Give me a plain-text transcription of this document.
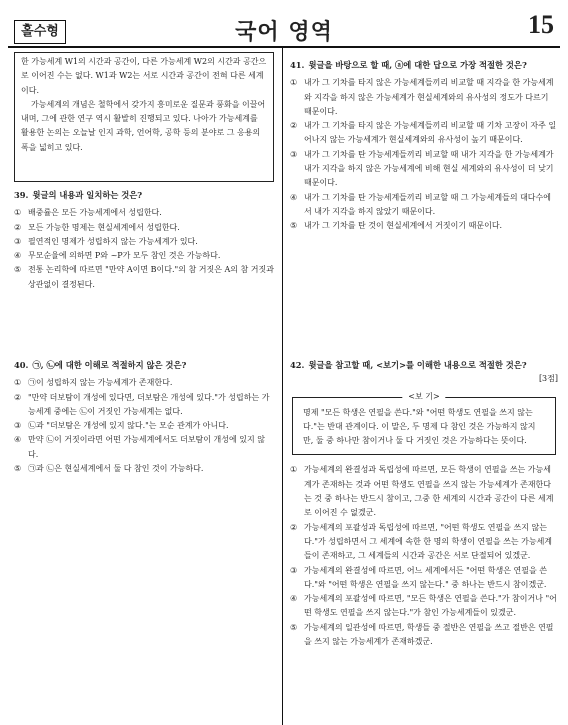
홀수형	국어 영역	15

한 가능세계 W1의 시간과 공간이, 다른 가능세계 W2의 시간과 공간으로 이어진 수는 없다. W1과 W2는 서로 시간과 공간이 전혀 다른 세계이다.

가능세계의 개념은 철학에서 갖가지 흥미로운 질문과 풍화을 이끌어 내며, 그에 관한 연구 역시 활발히 진행되고 있다. 나아가 가능세계를 활용한 논의는 오늘날 인지 과학, 언어학, 공학 등의 분야로 그 응용의 폭을 넓히고 있다.

39. 윗글의 내용과 일치하는 것은?

① 배중률은 모든 가능세계에서 성립한다.

② 모든 가능한 명제는 현실세계에서 성립한다.

③ 필연적인 명제가 성립하지 않는 가능세계가 있다.

④ 무모순율에 의하면 P와 ~P가 모두 참인 것은 가능하다.

⑤ 전통 논리학에 따르면 "만약 A이면 B이다."의 참 거짓은 A의 참 거짓과 상관없이 결정된다.

40. ㉠, ㉡에 대한 이해로 적절하지 않은 것은?

① ㉠이 성립하지 않는 가능세계가 존재한다.

② "만약 더보탐이 개성에 있다면, 더보탐은 개성에 있다."가 성립하는 가능세계 중에는 ㉡이 거짓인 가능세계는 없다.

③ ㉡과 "더보탐은 개성에 있지 않다."는 모순 관계가 아니다.

④ 만약 ㉡이 거짓이라면 어떤 가능세계에서도 더보탐이 개성에 있지 않다.

⑤ ㉠과 ㉡은 현실세계에서 둘 다 참인 것이 가능하다.

41. 윗글을 바탕으로 할 때, ⓐ에 대한 답으로 가장 적절한 것은?

① 내가 그 기차를 타지 않은 가능세계들끼리 비교할 때 지각을 한 가능세계와 지각을 하지 않은 가능세계가 현실세계와의 유사성의 정도가 다르기 때문이다.

② 내가 그 기차를 타지 않은 가능세계들끼리 비교할 때 기차 고장이 자주 일어나지 않는 가능세계가 현실세계와의 유사성이 높기 때문이다.

③ 내가 그 기차를 탄 가능세계들끼리 비교할 때 내가 지각을 한 가능세계가 내가 지각을 하지 않은 가능세계에 비해 현실 세계와의 유사성이 더 낮기 때문이다.

④ 내가 그 기차를 탄 가능세계들끼리 비교할 때 그 가능세계들의 대다수에서 내가 지각을 하지 않았기 때문이다.

⑤ 내가 그 기차를 탄 것이 현실세계에서 거짓이기 때문이다.

42. 윗글을 참고할 때, <보기>를 이해한 내용으로 적절한 것은?
[3점]
<보 기>
명제 "모든 학생은 연필을 쓴다."와 "어떤 학생도 연필을 쓰지 않는다."는 반대 관계이다. 이 말은, 두 명제 다 참인 것은 가능하지 않지만, 둘 중 하나만 참이거나 둘 다 거짓인 것은 가능하다는 뜻이다.

① 가능세계의 완결성과 독립성에 따르면, 모든 학생이 연필을 쓰는 가능세계가 존재하는 것과 어떤 학생도 연필을 쓰지 않는 가능세계가 존재한다는 것 중 하나는 반드시 참이고, 그중 한 세계의 시간과 공간이 다른 세계로 이어진 수 없겠군.

② 가능세계의 포괄성과 독립성에 따르면, "어떤 학생도 연필을 쓰지 않는다."가 성립하면서 그 세계에 속한 한 명의 학생이 연필을 쓰는 가능세계들이 존재하고, 그 세계들의 시간과 공간은 서로 단절되어 있겠군.

③ 가능세계의 완결성에 따르면, 어느 세계에서든 "어떤 학생은 연필을 쓴다."와 "어떤 학생은 연필을 쓰지 않는다." 중 하나는 반드시 참이겠군.

④ 가능세계의 포괄성에 따르면, "모든 학생은 연필을 쓴다."가 참이거나 "어떤 학생도 연필을 쓰지 않는다."가 참인 가능세계들이 있겠군.

⑤ 가능세계의 일관성에 따르면, 학생들 중 절반은 연필을 쓰고 절반은 연필을 쓰지 않는 가능세계가 존재하겠군.
